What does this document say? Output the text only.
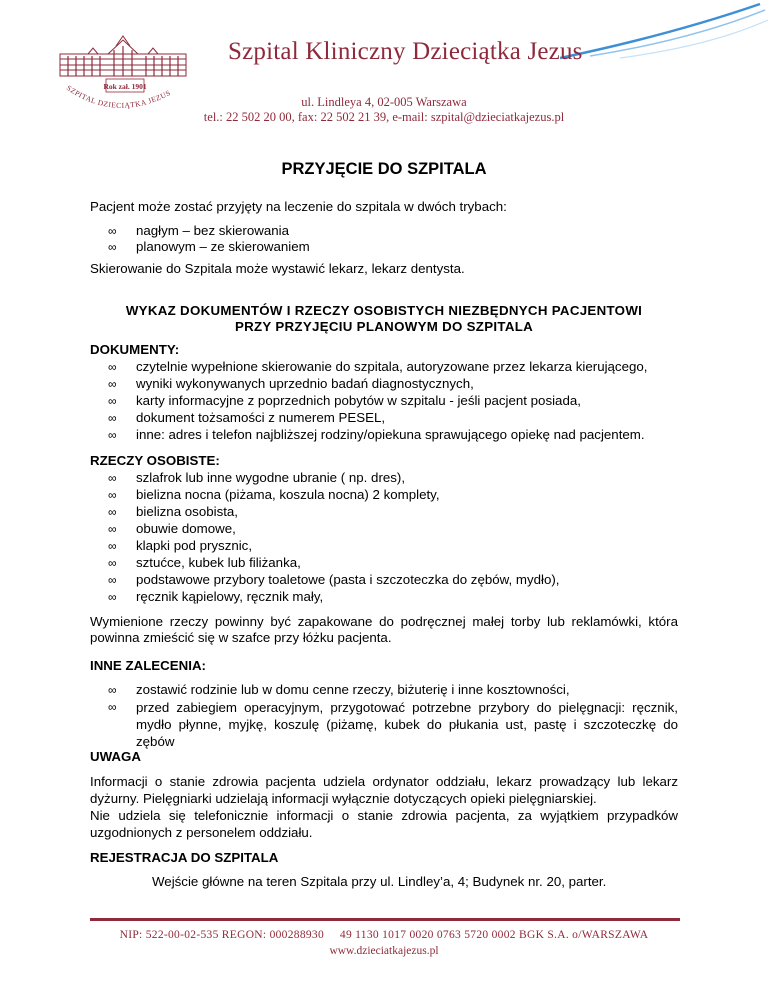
Rok zał. 1901
SZPITAL DZIECIĄTKA JEZUS
Szpital Kliniczny Dzieciątka Jezus
ul. Lindleya 4, 02-005 Warszawa
tel.: 22 502 20 00, fax: 22 502 21 39, e-mail: szpital@dzieciatkajezus.pl
PRZYJĘCIE DO SZPITALA
Pacjent może zostać przyjęty na leczenie do szpitala w dwóch trybach:
∞ nagłym – bez skierowania
∞ planowym – ze skierowaniem
Skierowanie do Szpitala może wystawić lekarz, lekarz dentysta.
WYKAZ DOKUMENTÓW I RZECZY OSOBISTYCH NIEZBĘDNYCH PACJENTOWI
PRZY PRZYJĘCIU PLANOWYM DO SZPITALA
DOKUMENTY:
∞ czytelnie wypełnione skierowanie do szpitala, autoryzowane przez lekarza kierującego,
∞ wyniki wykonywanych uprzednio badań diagnostycznych,
∞ karty informacyjne z poprzednich pobytów w szpitalu - jeśli pacjent posiada,
∞ dokument tożsamości z numerem PESEL,
∞ inne: adres i telefon najbliższej rodziny/opiekuna sprawującego opiekę nad pacjentem.
RZECZY OSOBISTE:
∞ szlafrok lub inne wygodne ubranie ( np. dres),
∞ bielizna nocna (piżama, koszula nocna) 2 komplety,
∞ bielizna osobista,
∞ obuwie domowe,
∞ klapki pod prysznic,
∞ sztućce, kubek lub filiżanka,
∞ podstawowe przybory toaletowe (pasta i szczoteczka do zębów, mydło),
∞ ręcznik kąpielowy, ręcznik mały,
Wymienione rzeczy powinny być zapakowane do podręcznej małej torby lub reklamówki, która powinna zmieścić się w szafce przy łóżku pacjenta.
INNE ZALECENIA:
∞ zostawić rodzinie lub w domu cenne rzeczy, biżuterię i inne kosztowności,
∞ przed zabiegiem operacyjnym, przygotować potrzebne przybory do pielęgnacji: ręcznik, mydło płynne, myjkę, koszulę (piżamę, kubek do płukania ust, pastę i szczoteczkę do zębów
UWAGA
Informacji o stanie zdrowia pacjenta udziela ordynator oddziału, lekarz prowadzący lub lekarz dyżurny. Pielęgniarki udzielają informacji wyłącznie dotyczących opieki pielęgniarskiej.
Nie udziela się telefonicznie informacji o stanie zdrowia pacjenta, za wyjątkiem przypadków uzgodnionych z personelem oddziału.
REJESTRACJA DO SZPITALA
Wejście główne na teren Szpitala przy ul. Lindley’a, 4; Budynek nr. 20, parter.
NIP: 522-00-02-535 REGON: 000288930     49 1130 1017 0020 0763 5720 0002 BGK S.A. o/WARSZAWA
www.dzieciatkajezus.pl
